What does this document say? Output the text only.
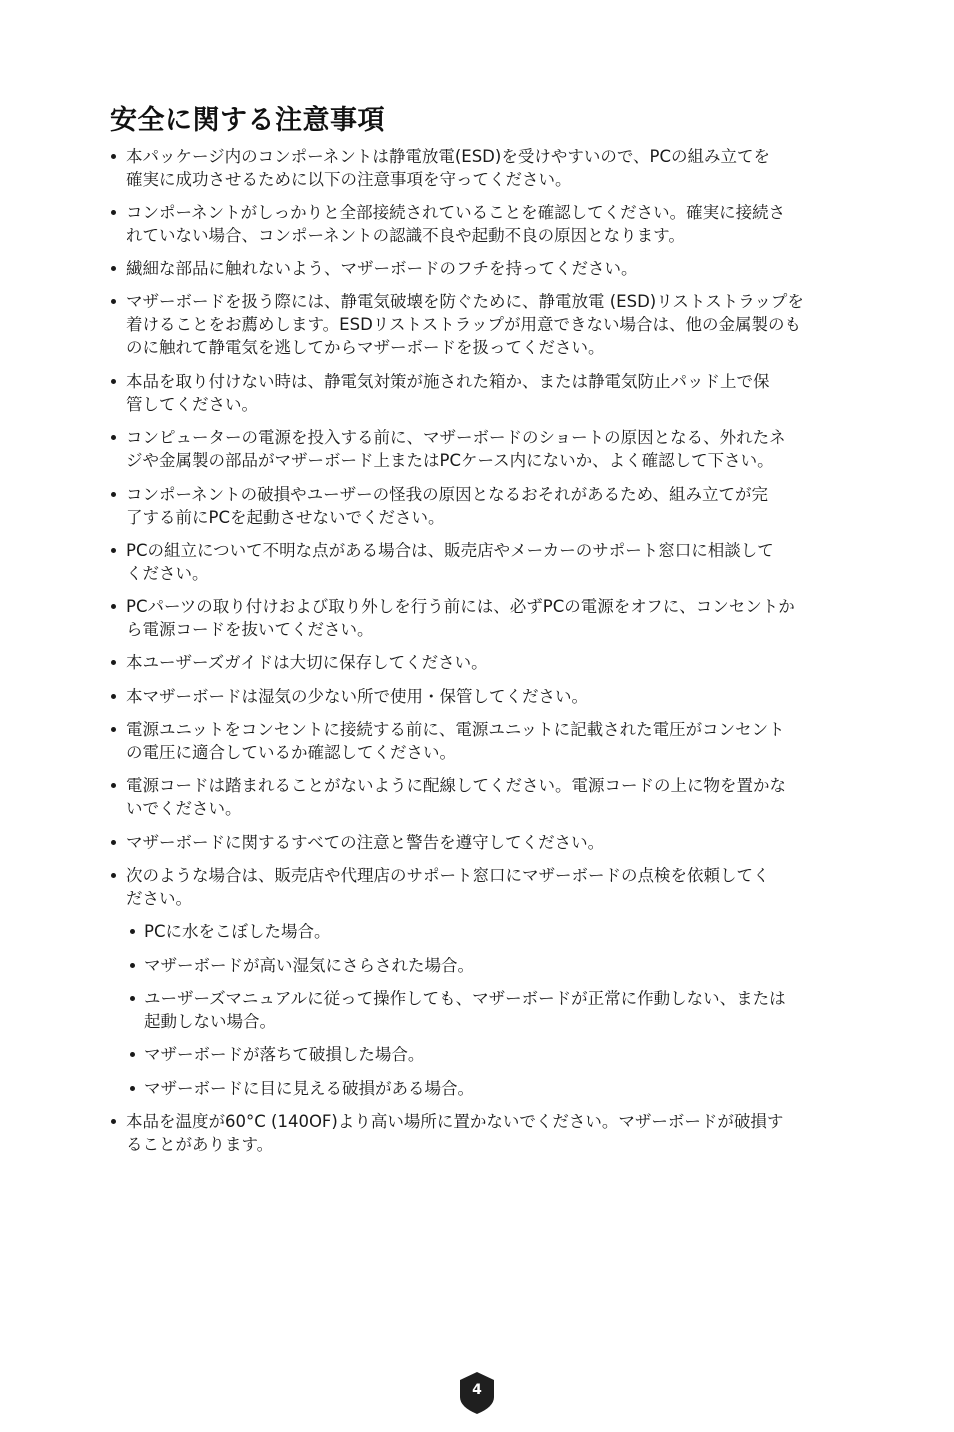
安全に関する注意事項
本パッケージ内のコンポーネントは静電放電(ESD)を受けやすいので、PCの組み立てを
確実に成功させるために以下の注意事項を守ってください。
コンポーネントがしっかりと全部接続されていることを確認してください。確実に接続さ
れていない場合、コンポーネントの認識不良や起動不良の原因となります。
繊細な部品に触れないよう、マザーボードのフチを持ってください。
マザーボードを扱う際には、静電気破壊を防ぐために、静電放電 (ESD)リストストラップを
着けることをお薦めします。ESDリストストラップが用意できない場合は、他の金属製のも
のに触れて静電気を逃してからマザーボードを扱ってください。
本品を取り付けない時は、静電気対策が施された箱か、または静電気防止パッド上で保
管してください。
コンピューターの電源を投入する前に、マザーボードのショートの原因となる、外れたネ
ジや金属製の部品がマザーボード上またはPCケース内にないか、よく確認して下さい。
コンポーネントの破損やユーザーの怪我の原因となるおそれがあるため、組み立てが完
了する前にPCを起動させないでください。
PCの組立について不明な点がある場合は、販売店やメーカーのサポート窓口に相談して
ください。
PCパーツの取り付けおよび取り外しを行う前には、必ずPCの電源をオフに、コンセントか
ら電源コードを抜いてください。
本ユーザーズガイドは大切に保存してください。
本マザーボードは湿気の少ない所で使用・保管してください。
電源ユニットをコンセントに接続する前に、電源ユニットに記載された電圧がコンセント
の電圧に適合しているか確認してください。
電源コードは踏まれることがないように配線してください。電源コードの上に物を置かな
いでください。
マザーボードに関するすべての注意と警告を遵守してください。
次のような場合は、販売店や代理店のサポート窓口にマザーボードの点検を依頼してく
ださい。
PCに水をこぼした場合。
マザーボードが高い湿気にさらされた場合。
ユーザーズマニュアルに従って操作しても、マザーボードが正常に作動しない、または
起動しない場合。
マザーボードが落ちて破損した場合。
マザーボードに目に見える破損がある場合。
本品を温度が60°C (140OF)より高い場所に置かないでください。マザーボードが破損す
ることがあります。
4
